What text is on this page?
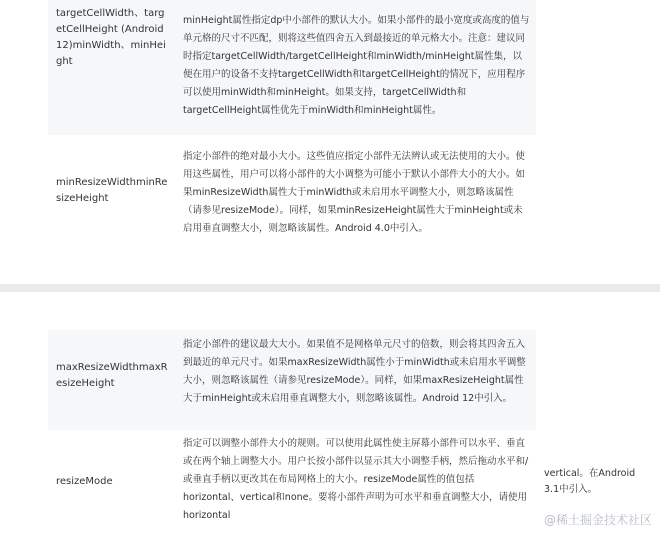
targetCellWidth、targetCellHeight (Android 12)minWidth、minHeight
minHeight属性指定dp中小部件的默认大小。如果小部件的最小宽度或高度的值与单元格的尺寸不匹配，则将这些值四舍五入到最接近的单元格大小。注意：建议同时指定targetCellWidth/targetCellHeight和minWidth/minHeight属性集，以便在用户的设备不支持targetCellWidth和targetCellHeight的情况下，应用程序可以使用minWidth和minHeight。如果支持，targetCellWidth和targetCellHeight属性优先于minWidth和minHeight属性。
minResizeWidthminResizeHeight
指定小部件的绝对最小大小。这些值应指定小部件无法辨认或无法使用的大小。使用这些属性，用户可以将小部件的大小调整为可能小于默认小部件大小的大小。如果minResizeWidth属性大于minWidth或未启用水平调整大小，则忽略该属性（请参见resizeMode）。同样，如果minResizeHeight属性大于minHeight或未启用垂直调整大小，则忽略该属性。Android 4.0中引入。
maxResizeWidthmaxResizeHeight
指定小部件的建议最大大小。如果值不是网格单元尺寸的倍数，则会将其四舍五入到最近的单元尺寸。如果maxResizeWidth属性小于minWidth或未启用水平调整大小，则忽略该属性（请参见resizeMode）。同样，如果maxResizeHeight属性大于minHeight或未启用垂直调整大小，则忽略该属性。Android 12中引入。
resizeMode
指定可以调整小部件大小的规则。可以使用此属性使主屏幕小部件可以水平、垂直或在两个轴上调整大小。用户长按小部件以显示其大小调整手柄，然后拖动水平和/或垂直手柄以更改其在布局网格上的大小。resizeMode属性的值包括horizontal、vertical和none。要将小部件声明为可水平和垂直调整大小，请使用horizontal
vertical。在Android 3.1中引入。
@稀土掘金技术社区
